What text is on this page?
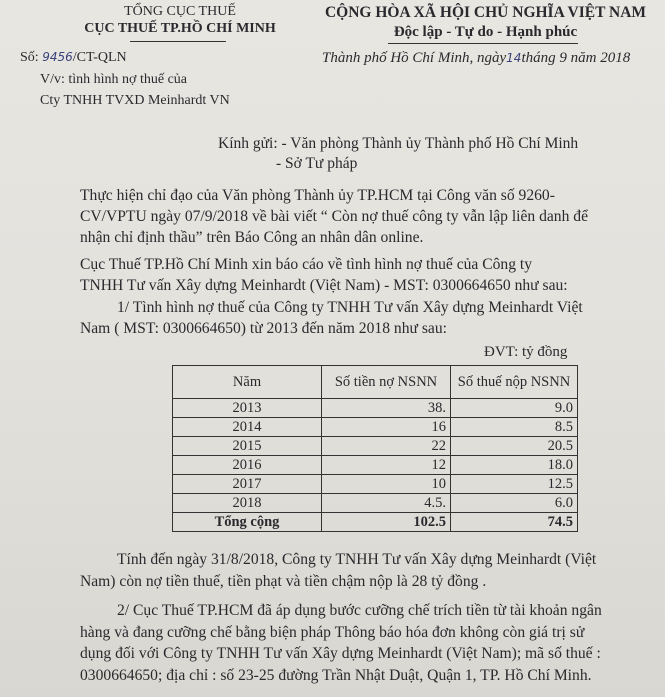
TỔNG CỤC THUẾ
CỤC THUẾ TP.HỒ CHÍ MINH
CỘNG HÒA XÃ HỘI CHỦ NGHĨA VIỆT NAM
Độc lập - Tự do - Hạnh phúc
Số: 9456/CT-QLN	Thành phố Hồ Chí Minh, ngày14tháng 9 năm 2018
V/v: tình hình nợ thuế của
Cty TNHH TVXD Meinhardt VN
Kính gửi: - Văn phòng Thành ủy Thành phố Hồ Chí Minh
- Sở Tư pháp

Thực hiện chỉ đạo của Văn phòng Thành ủy TP.HCM tại Công văn số 9260-

CV/VPTU ngày 07/9/2018 về bài viết “ Còn nợ thuế công ty vẫn lập liên danh để

nhận chỉ định thầu” trên Báo Công an nhân dân online.

Cục Thuế TP.Hồ Chí Minh xin báo cáo về tình hình nợ thuế của Công ty

TNHH Tư vấn Xây dựng Meinhardt (Việt Nam) - MST: 0300664650 như sau:

1/ Tình hình nợ thuế của Công ty TNHH Tư vấn Xây dựng Meinhardt Việt

Nam ( MST: 0300664650) từ 2013 đến năm 2018 như sau:

ĐVT: tỷ đồng
Năm	Số tiền nợ NSNN	Số thuế nộp NSNN
2013	38.	9.0
2014	16	8.5
2015	22	20.5
2016	12	18.0
2017	10	12.5
2018	4.5.	6.0
Tổng cộng	102.5	74.5

Tính đến ngày 31/8/2018, Công ty TNHH Tư vấn Xây dựng Meinhardt (Việt

Nam) còn nợ tiền thuế, tiền phạt và tiền chậm nộp là 28 tỷ đồng .

2/ Cục Thuế TP.HCM đã áp dụng bước cưỡng chế trích tiền từ tài khoản ngân

hàng và đang cưỡng chế bằng biện pháp Thông báo hóa đơn không còn giá trị sử

dụng đối với Công ty TNHH Tư vấn Xây dựng Meinhardt (Việt Nam); mã số thuế :

0300664650; địa chỉ : số 23-25 đường Trần Nhật Duật, Quận 1, TP. Hồ Chí Minh.
